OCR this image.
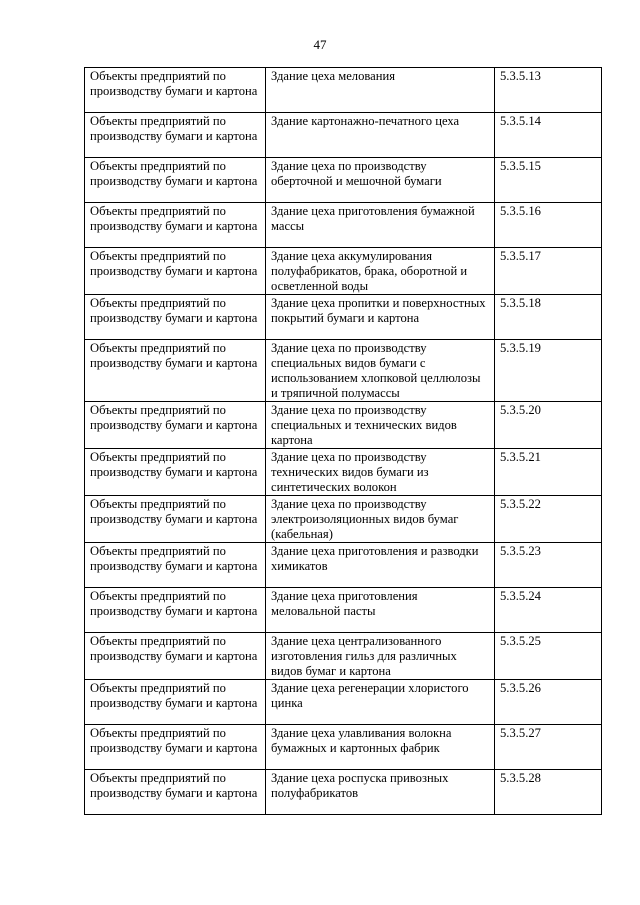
47
Объекты предприятий по производству бумаги и картона	Здание цеха мелования	5.3.5.13
Объекты предприятий по производству бумаги и картона	Здание картонажно-печатного цеха	5.3.5.14
Объекты предприятий по производству бумаги и картона	Здание цеха по производству оберточной и мешочной бумаги	5.3.5.15
Объекты предприятий по производству бумаги и картона	Здание цеха приготовления бумажной массы	5.3.5.16
Объекты предприятий по производству бумаги и картона	Здание цеха аккумулирования полуфабрикатов, брака, оборотной и осветленной воды	5.3.5.17
Объекты предприятий по производству бумаги и картона	Здание цеха пропитки и поверхностных покрытий бумаги и картона	5.3.5.18
Объекты предприятий по производству бумаги и картона	Здание цеха по производству специальных видов бумаги с использованием хлопковой целлюлозы и тряпичной полумассы	5.3.5.19
Объекты предприятий по производству бумаги и картона	Здание цеха по производству специальных и технических видов картона	5.3.5.20
Объекты предприятий по производству бумаги и картона	Здание цеха по производству технических видов бумаги из синтетических волокон	5.3.5.21
Объекты предприятий по производству бумаги и картона	Здание цеха по производству электроизоляционных видов бумаг (кабельная)	5.3.5.22
Объекты предприятий по производству бумаги и картона	Здание цеха приготовления и разводки химикатов	5.3.5.23
Объекты предприятий по производству бумаги и картона	Здание цеха приготовления меловальной пасты	5.3.5.24
Объекты предприятий по производству бумаги и картона	Здание цеха централизованного изготовления гильз для различных видов бумаг и картона	5.3.5.25
Объекты предприятий по производству бумаги и картона	Здание цеха регенерации хлористого цинка	5.3.5.26
Объекты предприятий по производству бумаги и картона	Здание цеха улавливания волокна бумажных и картонных фабрик	5.3.5.27
Объекты предприятий по производству бумаги и картона	Здание цеха роспуска привозных полуфабрикатов	5.3.5.28
